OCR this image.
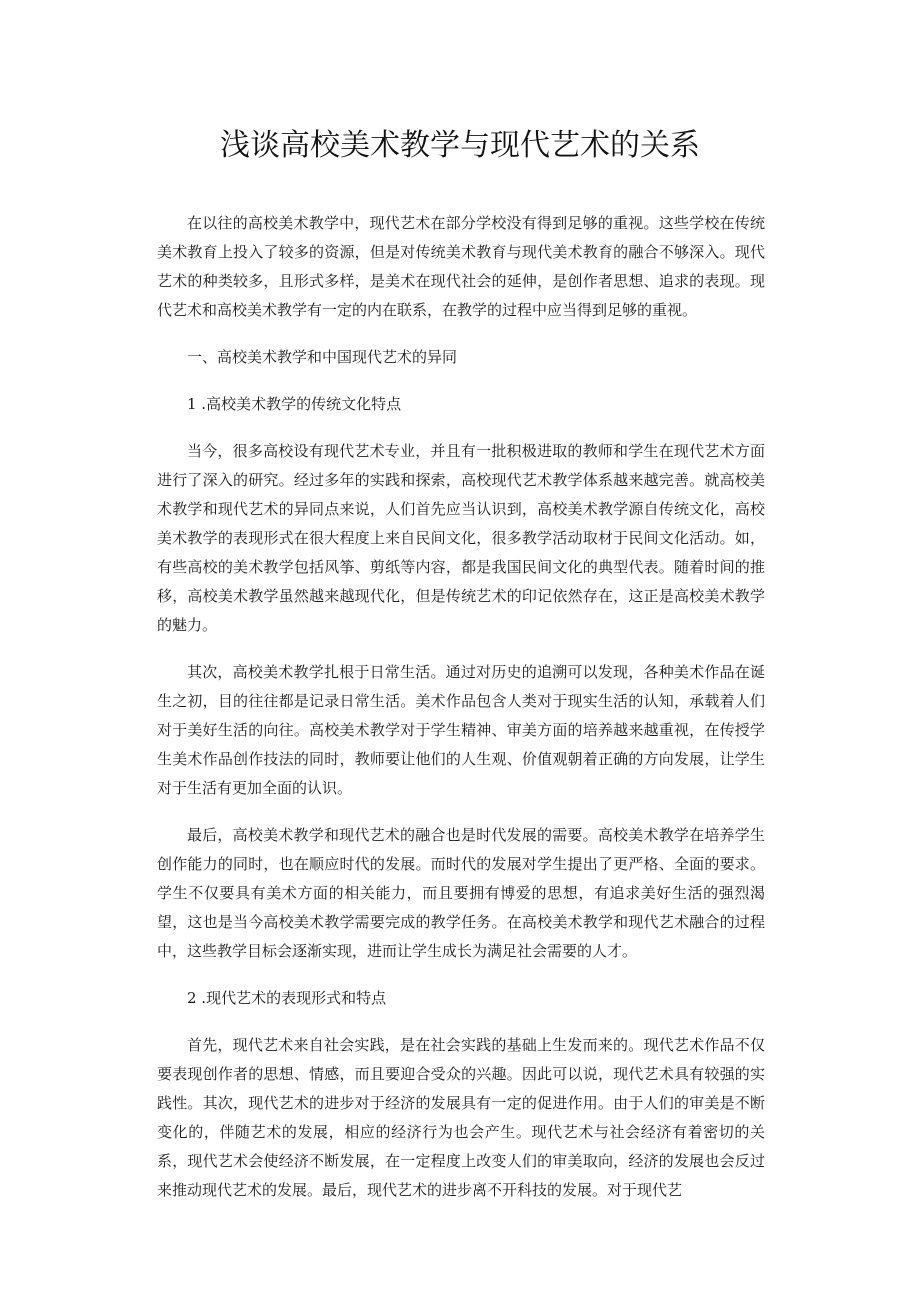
浅谈高校美术教学与现代艺术的关系

在以往的高校美术教学中，现代艺术在部分学校没有得到足够的重视。这些学校在传统美术教育上投入了较多的资源，但是对传统美术教育与现代美术教育的融合不够深入。现代艺术的种类较多，且形式多样，是美术在现代社会的延伸，是创作者思想、追求的表现。现代艺术和高校美术教学有一定的内在联系，在教学的过程中应当得到足够的重视。

一、高校美术教学和中国现代艺术的异同

1 .高校美术教学的传统文化特点

当今，很多高校设有现代艺术专业，并且有一批积极进取的教师和学生在现代艺术方面进行了深入的研究。经过多年的实践和探索，高校现代艺术教学体系越来越完善。就高校美术教学和现代艺术的异同点来说，人们首先应当认识到，高校美术教学源自传统文化，高校美术教学的表现形式在很大程度上来自民间文化，很多教学活动取材于民间文化活动。如，有些高校的美术教学包括风筝、剪纸等内容，都是我国民间文化的典型代表。随着时间的推移，高校美术教学虽然越来越现代化，但是传统艺术的印记依然存在，这正是高校美术教学的魅力。

其次，高校美术教学扎根于日常生活。通过对历史的追溯可以发现，各种美术作品在诞生之初，目的往往都是记录日常生活。美术作品包含人类对于现实生活的认知，承载着人们对于美好生活的向往。高校美术教学对于学生精神、审美方面的培养越来越重视，在传授学生美术作品创作技法的同时，教师要让他们的人生观、价值观朝着正确的方向发展，让学生对于生活有更加全面的认识。

最后，高校美术教学和现代艺术的融合也是时代发展的需要。高校美术教学在培养学生创作能力的同时，也在顺应时代的发展。而时代的发展对学生提出了更严格、全面的要求。学生不仅要具有美术方面的相关能力，而且要拥有博爱的思想，有追求美好生活的强烈渴望，这也是当今高校美术教学需要完成的教学任务。在高校美术教学和现代艺术融合的过程中，这些教学目标会逐渐实现，进而让学生成长为满足社会需要的人才。

2 .现代艺术的表现形式和特点

首先，现代艺术来自社会实践，是在社会实践的基础上生发而来的。现代艺术作品不仅要表现创作者的思想、情感，而且要迎合受众的兴趣。因此可以说，现代艺术具有较强的实践性。其次，现代艺术的进步对于经济的发展具有一定的促进作用。由于人们的审美是不断变化的，伴随艺术的发展，相应的经济行为也会产生。现代艺术与社会经济有着密切的关系，现代艺术会使经济不断发展，在一定程度上改变人们的审美取向，经济的发展也会反过来推动现代艺术的发展。最后，现代艺术的进步离不开科技的发展。对于现代艺
